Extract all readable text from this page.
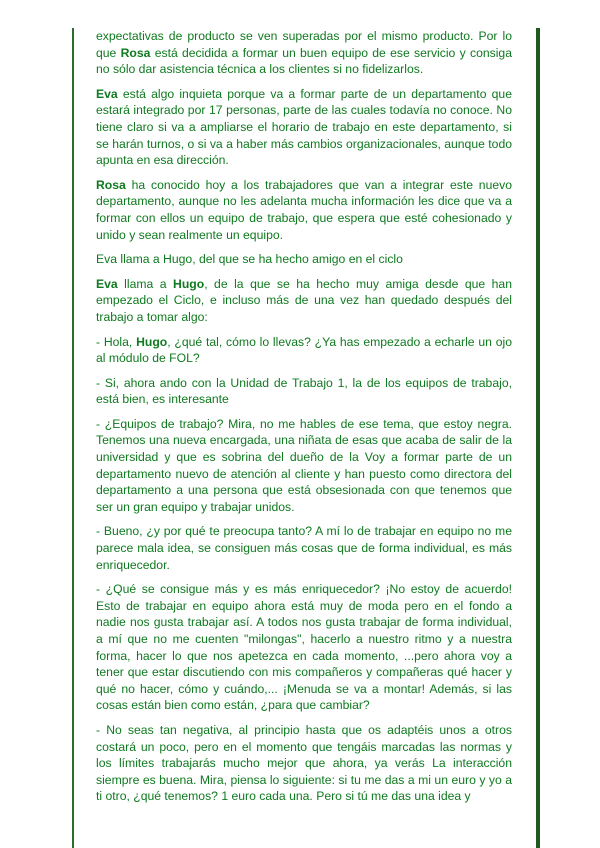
expectativas de producto se ven superadas por el mismo producto. Por lo que Rosa está decidida a formar un buen equipo de ese servicio y consiga no sólo dar asistencia técnica a los clientes si no fidelizarlos.

Eva está algo inquieta porque va a formar parte de un departamento que estará integrado por 17 personas, parte de las cuales todavía no conoce. No tiene claro si va a ampliarse el horario de trabajo en este departamento, si se harán turnos, o si va a haber más cambios organizacionales, aunque todo apunta en esa dirección.

Rosa ha conocido hoy a los trabajadores que van a integrar este nuevo departamento, aunque no les adelanta mucha información les dice que va a formar con ellos un equipo de trabajo, que espera que esté cohesionado y unido y sean realmente un equipo.

Eva llama a Hugo, del que se ha hecho amigo en el ciclo

Eva llama a Hugo, de la que se ha hecho muy amiga desde que han empezado el Ciclo, e incluso más de una vez han quedado después del trabajo a tomar algo:

- Hola, Hugo, ¿qué tal, cómo lo llevas? ¿Ya has empezado a echarle un ojo al módulo de FOL?

- Si, ahora ando con la Unidad de Trabajo 1, la de los equipos de trabajo, está bien, es interesante

- ¿Equipos de trabajo? Mira, no me hables de ese tema, que estoy negra. Tenemos una nueva encargada, una niñata de esas que acaba de salir de la universidad y que es sobrina del dueño de la Voy a formar parte de un departamento nuevo de atención al cliente y han puesto como directora del departamento a una persona que está obsesionada con que tenemos que ser un gran equipo y trabajar unidos.

- Bueno, ¿y por qué te preocupa tanto? A mí lo de trabajar en equipo no me parece mala idea, se consiguen más cosas que de forma individual, es más enriquecedor.

- ¿Qué se consigue más y es más enriquecedor? ¡No estoy de acuerdo! Esto de trabajar en equipo ahora está muy de moda pero en el fondo a nadie nos gusta trabajar así. A todos nos gusta trabajar de forma individual, a mí que no me cuenten "milongas", hacerlo a nuestro ritmo y a nuestra forma, hacer lo que nos apetezca en cada momento, ...pero ahora voy a tener que estar discutiendo con mis compañeros y compañeras qué hacer y qué no hacer, cómo y cuándo,... ¡Menuda se va a montar! Además, si las cosas están bien como están, ¿para que cambiar?

- No seas tan negativa, al principio hasta que os adaptéis unos a otros costará un poco, pero en el momento que tengáis marcadas las normas y los límites trabajarás mucho mejor que ahora, ya verás La interacción siempre es buena. Mira, piensa lo siguiente: si tu me das a mi un euro y yo a ti otro, ¿qué tenemos? 1 euro cada una. Pero si tú me das una idea y
